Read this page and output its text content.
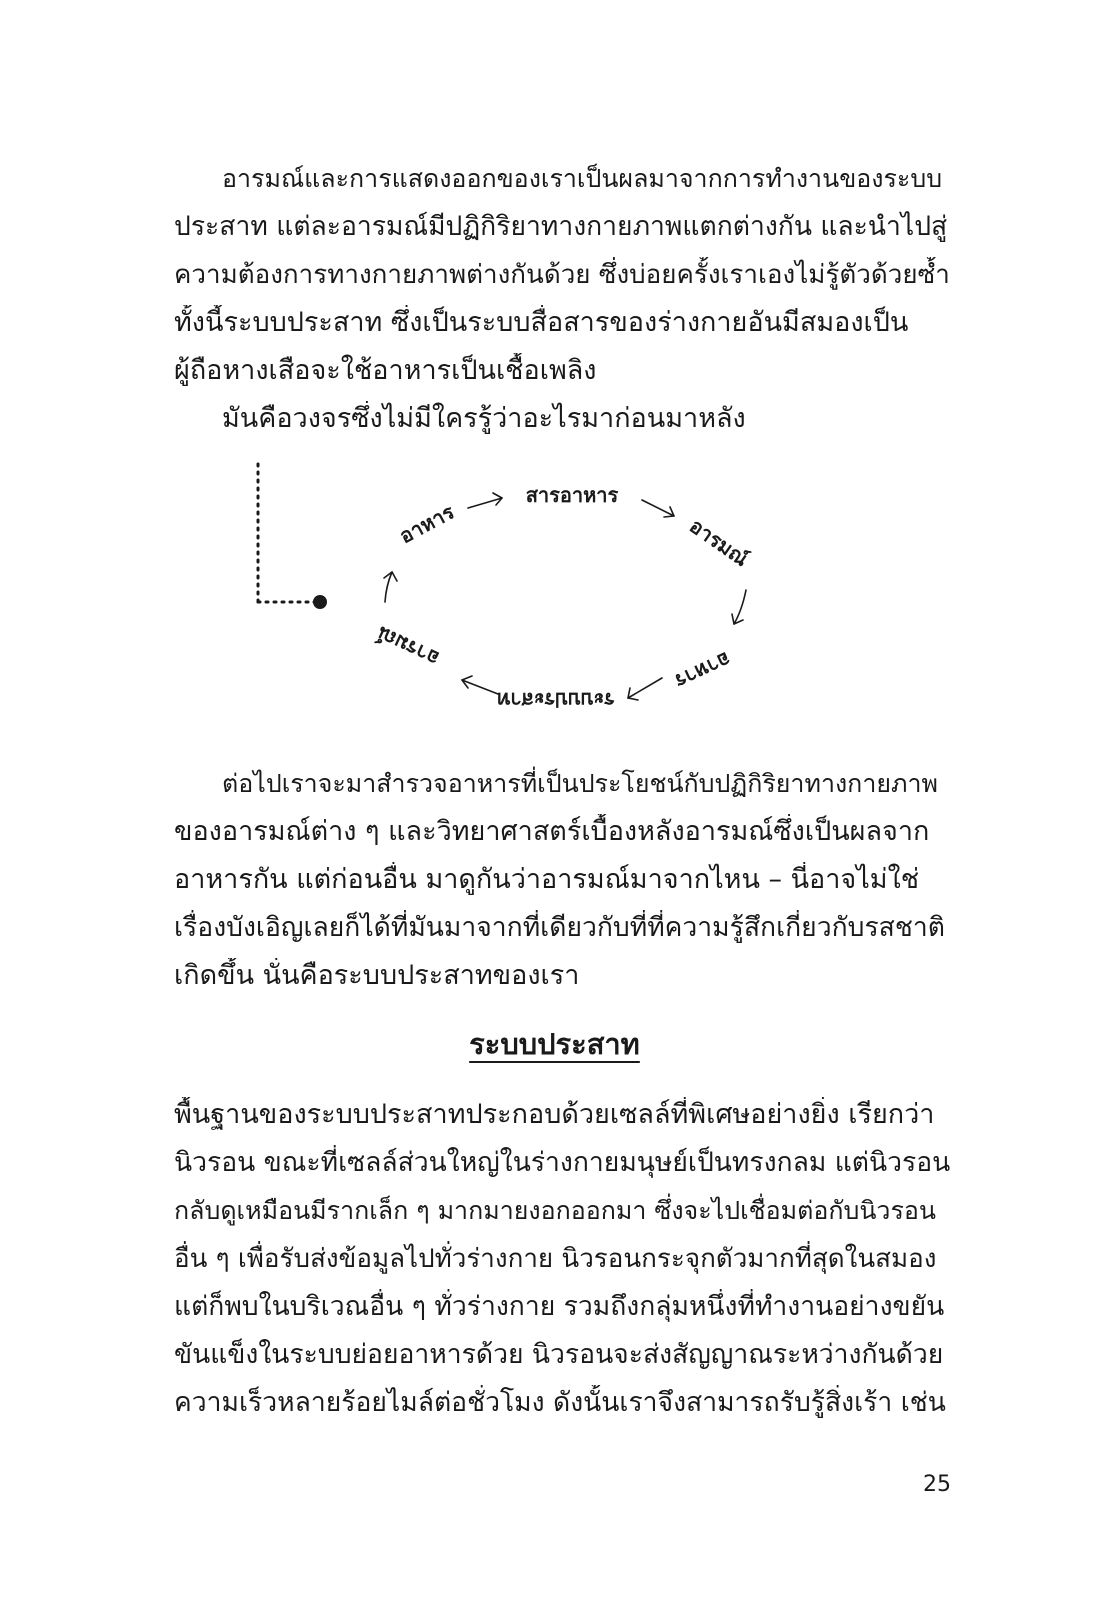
อารมณ์และการแสดงออกของเราเป็นผลมาจากการทำงานของระบบ
ประสาท แต่ละอารมณ์มีปฏิกิริยาทางกายภาพแตกต่างกัน และนำไปสู่
ความต้องการทางกายภาพต่างกันด้วย ซึ่งบ่อยครั้งเราเองไม่รู้ตัวด้วยซ้ำ
ทั้งนี้ระบบประสาท ซึ่งเป็นระบบสื่อสารของร่างกายอันมีสมองเป็น
ผู้ถือหางเสือจะใช้อาหารเป็นเชื้อเพลิง
มันคือวงจรซึ่งไม่มีใครรู้ว่าอะไรมาก่อนมาหลัง
อาหาร
สารอาหาร
อารมณ์
อาหาร
ระบบประสาท
อารมณ์
ต่อไปเราจะมาสำรวจอาหารที่เป็นประโยชน์กับปฏิกิริยาทางกายภาพ
ของอารมณ์ต่าง ๆ และวิทยาศาสตร์เบื้องหลังอารมณ์ซึ่งเป็นผลจาก
อาหารกัน แต่ก่อนอื่น มาดูกันว่าอารมณ์มาจากไหน – นี่อาจไม่ใช่
เรื่องบังเอิญเลยก็ได้ที่มันมาจากที่เดียวกับที่ที่ความรู้สึกเกี่ยวกับรสชาติ
เกิดขึ้น นั่นคือระบบประสาทของเรา
ระบบประสาท
พื้นฐานของระบบประสาทประกอบด้วยเซลล์ที่พิเศษอย่างยิ่ง เรียกว่า
นิวรอน ขณะที่เซลล์ส่วนใหญ่ในร่างกายมนุษย์เป็นทรงกลม แต่นิวรอน
กลับดูเหมือนมีรากเล็ก ๆ มากมายงอกออกมา ซึ่งจะไปเชื่อมต่อกับนิวรอน
อื่น ๆ เพื่อรับส่งข้อมูลไปทั่วร่างกาย นิวรอนกระจุกตัวมากที่สุดในสมอง
แต่ก็พบในบริเวณอื่น ๆ ทั่วร่างกาย รวมถึงกลุ่มหนึ่งที่ทำงานอย่างขยัน
ขันแข็งในระบบย่อยอาหารด้วย นิวรอนจะส่งสัญญาณระหว่างกันด้วย
ความเร็วหลายร้อยไมล์ต่อชั่วโมง ดังนั้นเราจึงสามารถรับรู้สิ่งเร้า เช่น
25
